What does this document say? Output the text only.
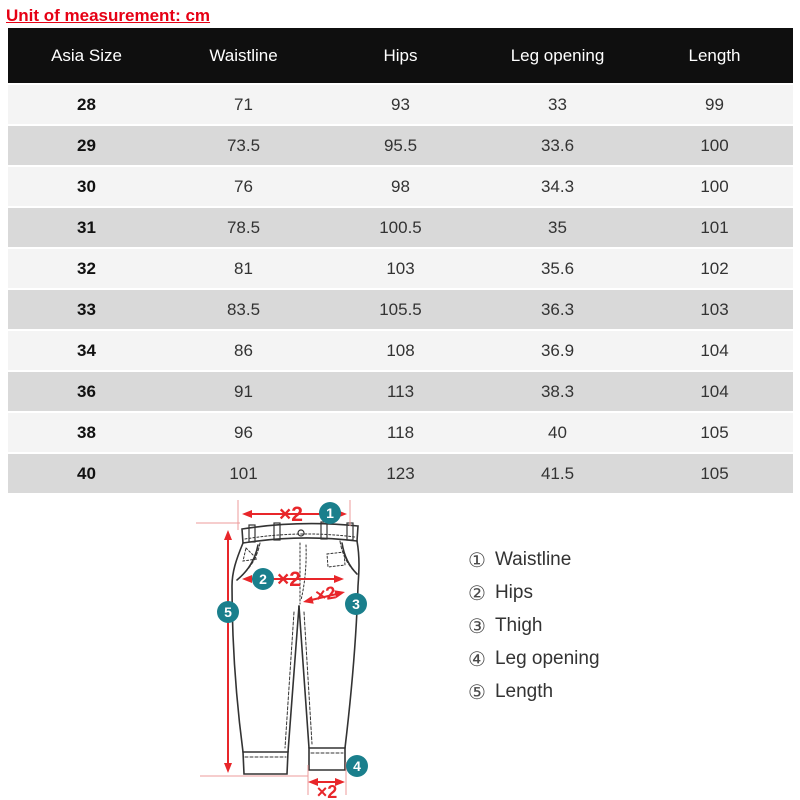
Unit of measurement: cm
Asia Size	Waistline	Hips	Leg opening	Length
28	71	93	33	99
29	73.5	95.5	33.6	100
30	76	98	34.3	100
31	78.5	100.5	35	101
32	81	103	35.6	102
33	83.5	105.5	36.3	103
34	86	108	36.9	104
36	91	113	38.3	104
38	96	118	40	105
40	101	123	41.5	105
×2
×2
×2
×2
1
2
3
4
5
① Waistline
② Hips
③ Thigh
④ Leg opening
⑤ Length
